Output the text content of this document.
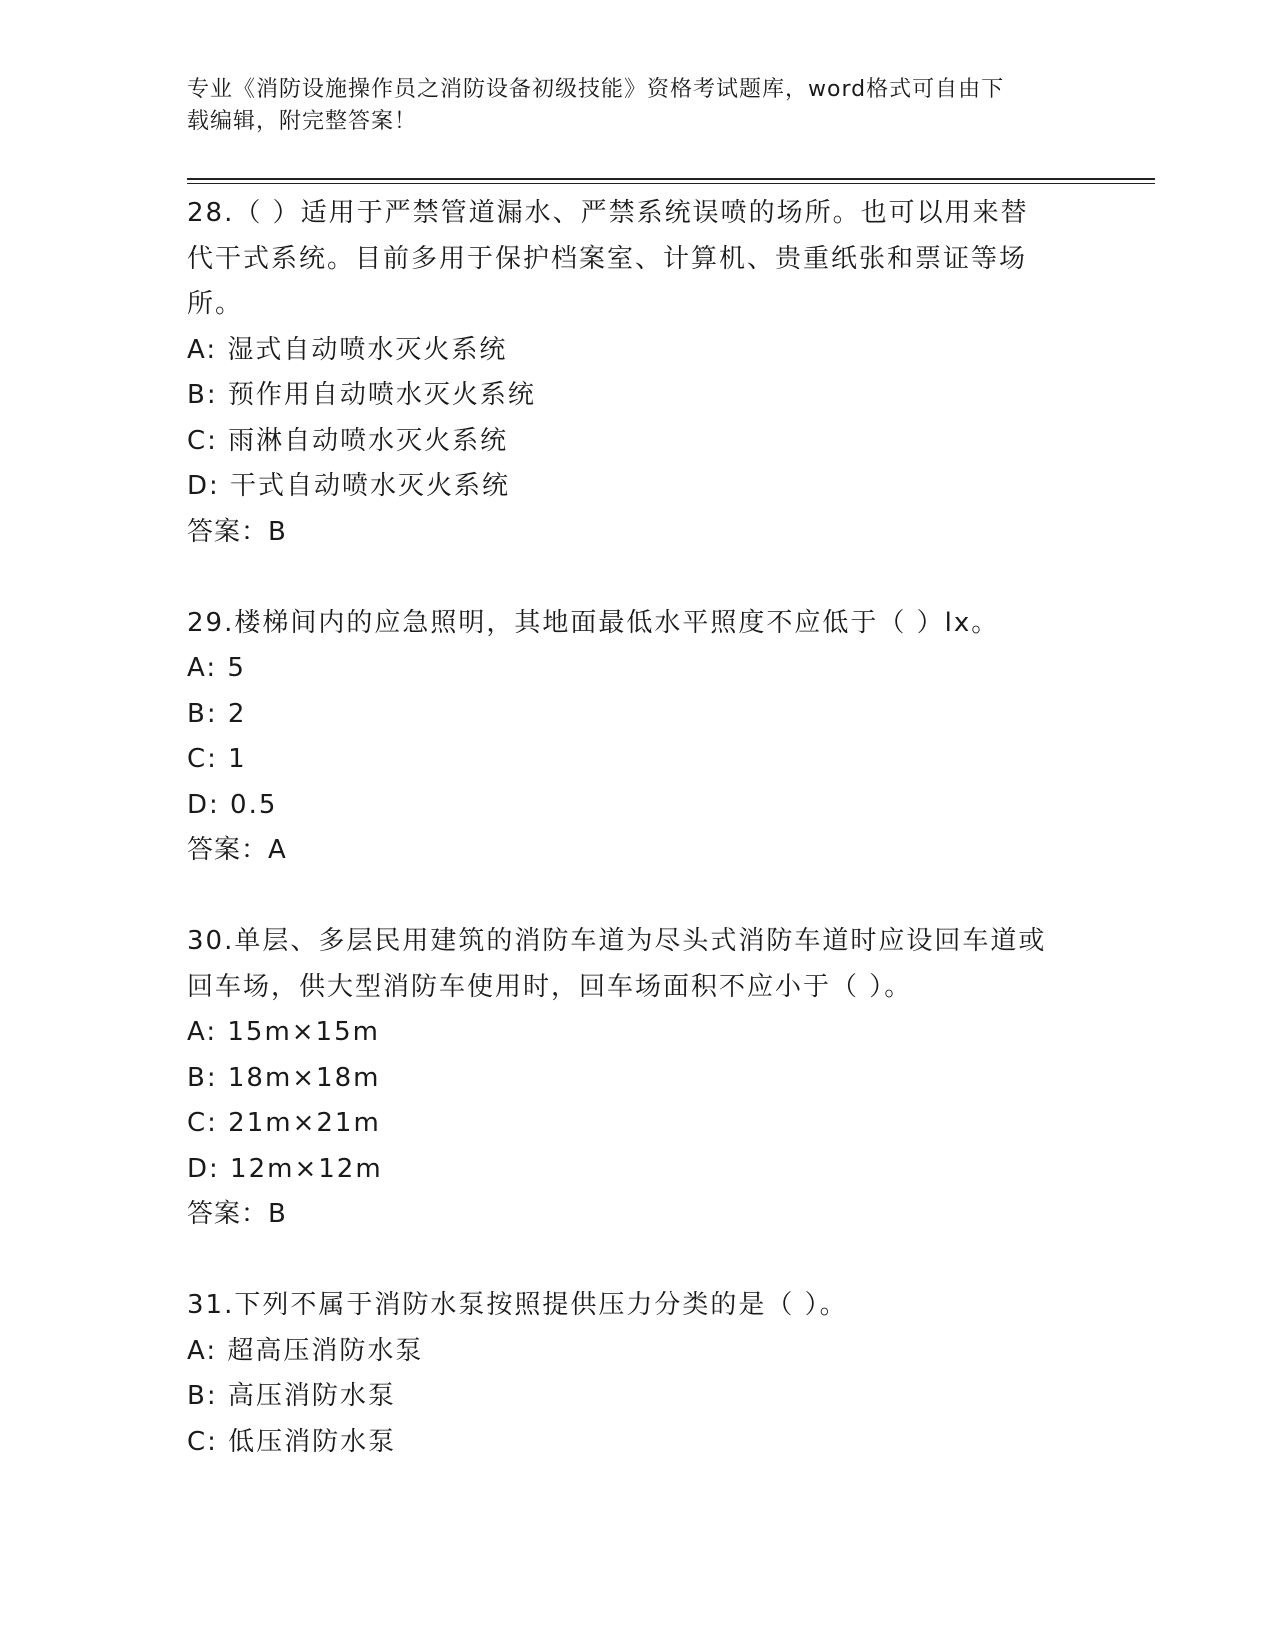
专业《消防设施操作员之消防设备初级技能》资格考试题库，word格式可自由下
载编辑，附完整答案！
28.（ ）适用于严禁管道漏水、严禁系统误喷的场所。也可以用来替
代干式系统。目前多用于保护档案室、计算机、贵重纸张和票证等场
所。
A: 湿式自动喷水灭火系统
B: 预作用自动喷水灭火系统
C: 雨淋自动喷水灭火系统
D: 干式自动喷水灭火系统
答案：B
29.楼梯间内的应急照明，其地面最低水平照度不应低于（ ）lx。
A: 5
B: 2
C: 1
D: 0.5
答案：A
30.单层、多层民用建筑的消防车道为尽头式消防车道时应设回车道或
回车场，供大型消防车使用时，回车场面积不应小于（ ）。
A: 15m×15m
B: 18m×18m
C: 21m×21m
D: 12m×12m
答案：B
31.下列不属于消防水泵按照提供压力分类的是（ ）。
A: 超高压消防水泵
B: 高压消防水泵
C: 低压消防水泵
